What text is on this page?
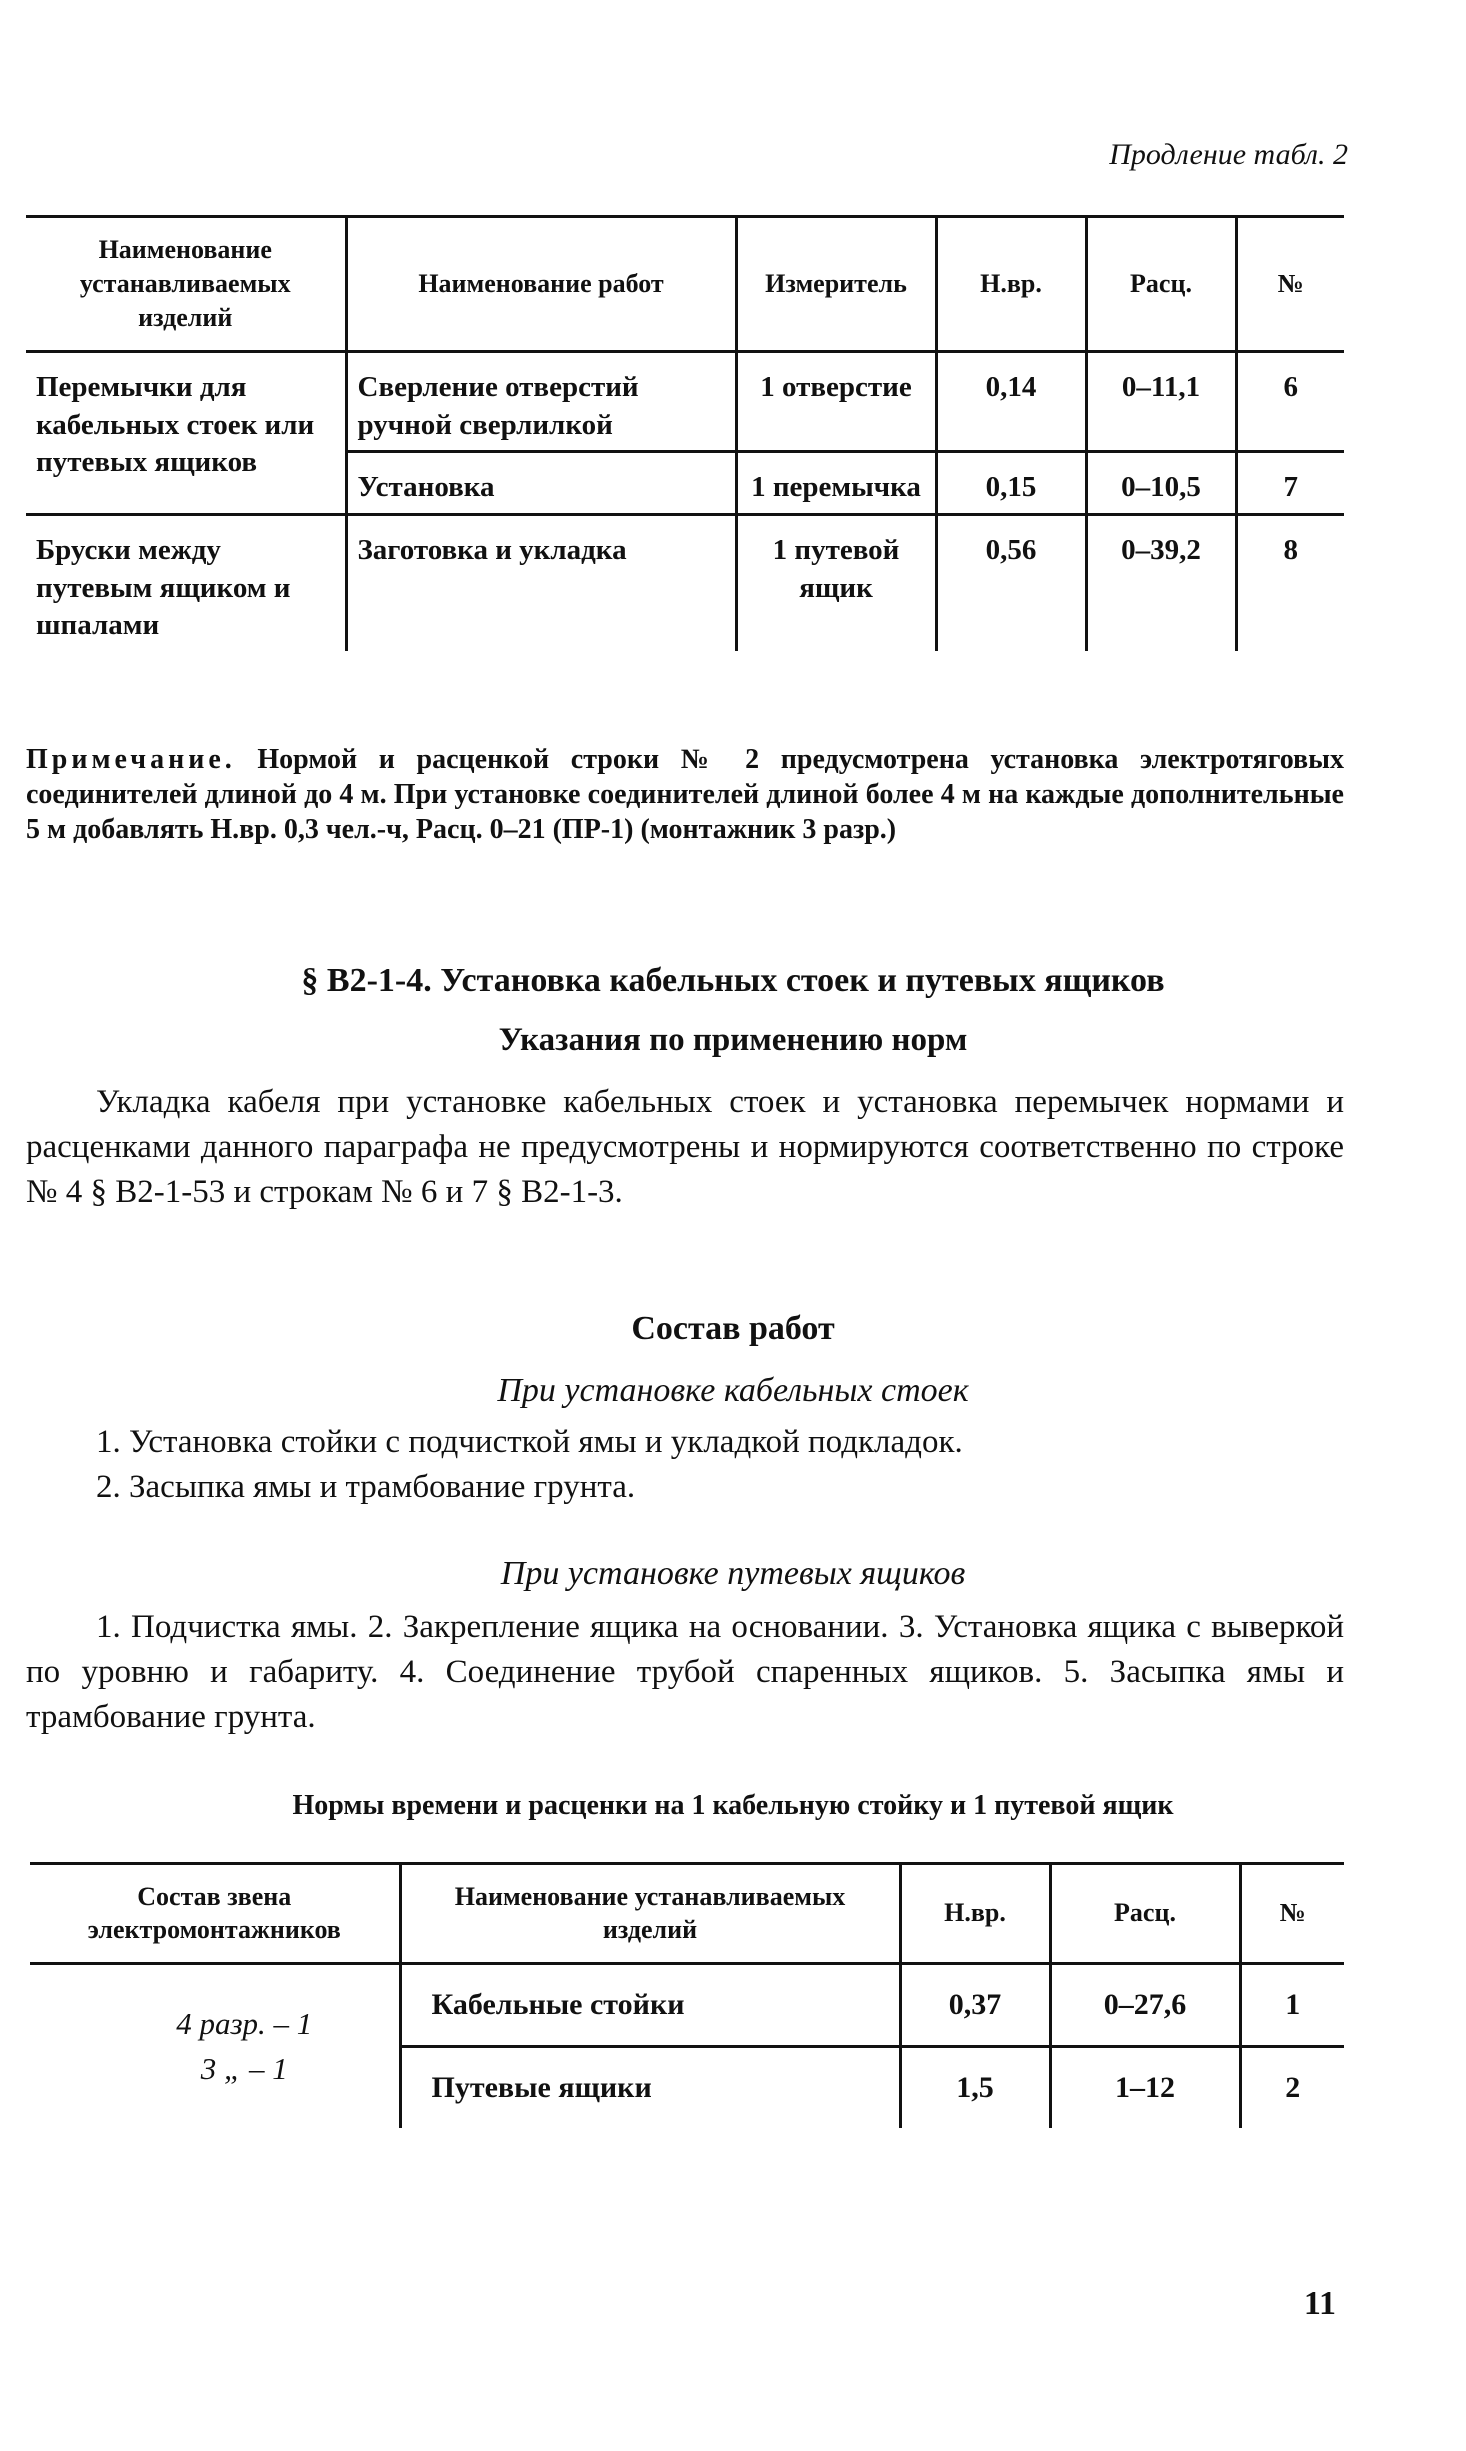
Продление табл. 2
Наименование устанавливаемых изделий	Наименование работ	Измеритель	Н.вр.	Расц.	№
Перемычки для кабельных стоек или путевых ящиков	Сверление отверстий ручной сверлилкой	1 отверстие	0,14	0–11,1	6
	Установка	1 перемычка	0,15	0–10,5	7
Бруски между путевым ящиком и шпалами	Заготовка и укладка	1 путевой ящик	0,56	0–39,2	8
Примечание. Нормой и расценкой строки № 2 предусмотрена установка электротяговых соединителей длиной до 4 м. При установке соединителей длиной более 4 м на каждые дополнительные 5 м добавлять Н.вр. 0,3 чел.-ч, Расц. 0–21 (ПР-1) (монтажник 3 разр.)
§ В2-1-4. Установка кабельных стоек и путевых ящиков
Указания по применению норм
Укладка кабеля при установке кабельных стоек и установка перемычек нормами и расценками данного параграфа не предусмотрены и нормируются соответственно по строке № 4 § В2-1-53 и строкам № 6 и 7 § В2-1-3.
Состав работ
При установке кабельных стоек
1. Установка стойки с подчисткой ямы и укладкой подкладок.
2. Засыпка ямы и трамбование грунта.
При установке путевых ящиков
1. Подчистка ямы. 2. Закрепление ящика на основании. 3. Установка ящика с выверкой по уровню и габариту. 4. Соединение трубой спаренных ящиков. 5. Засыпка ямы и трамбование грунта.
Нормы времени и расценки на 1 кабельную стойку и 1 путевой ящик
Состав звена электромонтажников	Наименование устанавливаемых изделий	Н.вр.	Расц.	№

4 разр. – 1
3 „ – 1	Кабельные стойки	0,37	0–27,6	1
	Путевые ящики	1,5	1–12	2
11
